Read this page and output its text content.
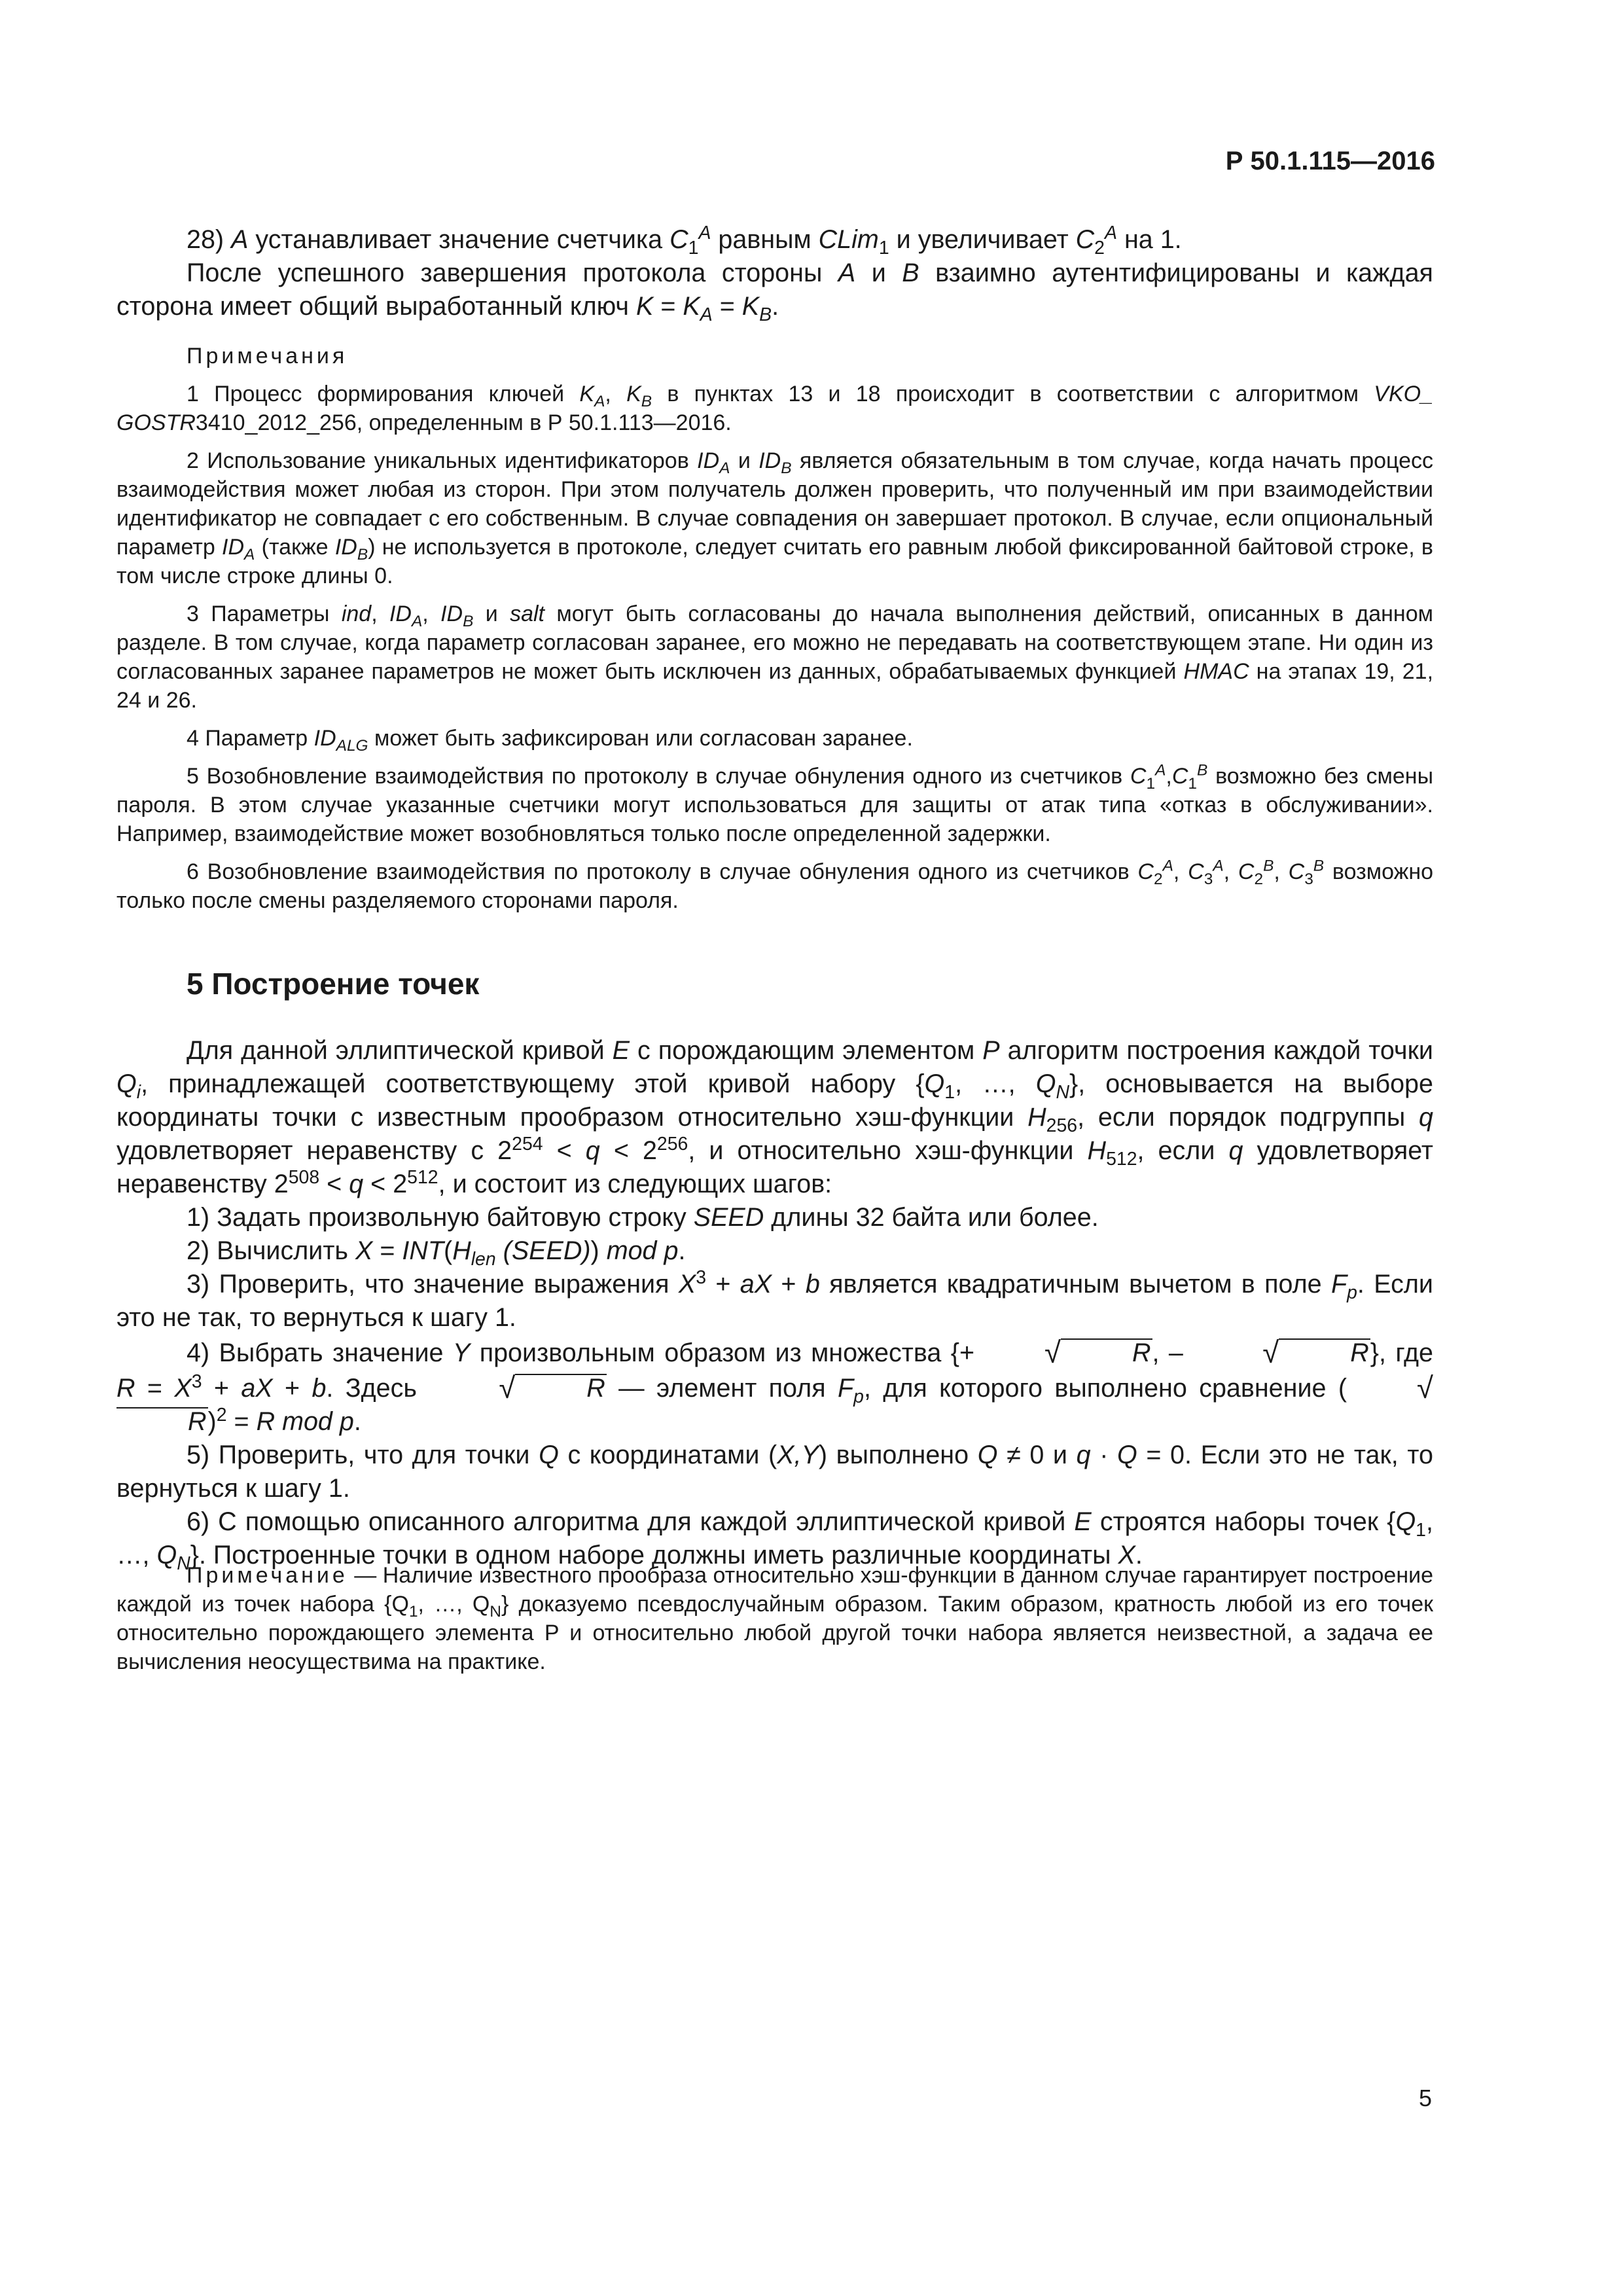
Р 50.1.115—2016

28) A устанавливает значение счетчика $C_1^A$ равным CLim$_1$ и увеличивает $C_2^A$ на 1.

После успешного завершения протокола стороны A и B взаимно аутентифицированы и каждая сторона имеет общий выработанный ключ $K = K_A = K_B$.

Примечания

1 Процесс формирования ключей $K_A$, $K_B$ в пунктах 13 и 18 происходит в соответствии с алгоритмом VKO_ GOSTR3410_2012_256, определенным в Р 50.1.113—2016.

2 Использование уникальных идентификаторов $ID_A$ и $ID_B$ является обязательным в том случае, когда начать процесс взаимодействия может любая из сторон. При этом получатель должен проверить, что полученный им при взаимодействии идентификатор не совпадает с его собственным. В случае совпадения он завершает протокол. В случае, если опциональный параметр $ID_A$ (также $ID_B$) не используется в протоколе, следует считать его равным любой фиксированной байтовой строке, в том числе строке длины 0.

3 Параметры ind, $ID_A$, $ID_B$ и salt могут быть согласованы до начала выполнения действий, описанных в данном разделе. В том случае, когда параметр согласован заранее, его можно не передавать на соответствующем этапе. Ни один из согласованных заранее параметров не может быть исключен из данных, обрабатываемых функцией HMAC на этапах 19, 21, 24 и 26.

4 Параметр $ID_{ALG}$ может быть зафиксирован или согласован заранее.

5 Возобновление взаимодействия по протоколу в случае обнуления одного из счетчиков $C_1^A,C_1^B$ возможно без смены пароля. В этом случае указанные счетчики могут использоваться для защиты от атак типа «отказ в обслуживании». Например, взаимодействие может возобновляться только после определенной задержки.

6 Возобновление взаимодействия по протоколу в случае обнуления одного из счетчиков $C_2^A$, $C_3^A$, $C_2^B$, $C_3^B$ возможно только после смены разделяемого сторонами пароля.

5 Построение точек

Для данной эллиптической кривой E с порождающим элементом P алгоритм построения каждой точки $Q_i$, принадлежащей соответствующему этой кривой набору {$Q_1$, …, $Q_N$}, основывается на выборе координаты точки с известным прообразом относительно хэш-функции $H_{256}$, если порядок подгруппы q удовлетворяет неравенству с $2^{254} < q < 2^{256}$, и относительно хэш-функции $H_{512}$, если q удовлетворяет неравенству $2^{508} < q < 2^{512}$, и состоит из следующих шагов:

1) Задать произвольную байтовую строку SEED длины 32 байта или более.

2) Вычислить $X = INT(H_{len}$ (SEED)) mod p.

3) Проверить, что значение выражения $X^3$ + aX + b является квадратичным вычетом в поле $F_p$. Если это не так, то вернуться к шагу 1.

4) Выбрать значение Y произвольным образом из множества {+ √	R, –	√	R}, где $R = X^3$ + aX + b. Здесь	√	R — элемент поля $F_p$, для которого выполнено сравнение ( √R)$^2$ = R mod p.

5) Проверить, что для точки Q с координатами (X,Y) выполнено Q ≠ 0 и q · Q = 0. Если это не так, то вернуться к шагу 1.

6) С помощью описанного алгоритма для каждой эллиптической кривой E строятся наборы точек {$Q_1$, …, $Q_N$}. Построенные точки в одном наборе должны иметь различные координаты X.

Примечание — Наличие известного прообраза относительно хэш-функции в данном случае гарантирует построение каждой из точек набора {$Q_1$, …, $Q_N$} доказуемо псевдослучайным образом. Таким образом, кратность любой из его точек относительно порождающего элемента P и относительно любой другой точки набора является неизвестной, а задача ее вычисления неосуществима на практике.

5
